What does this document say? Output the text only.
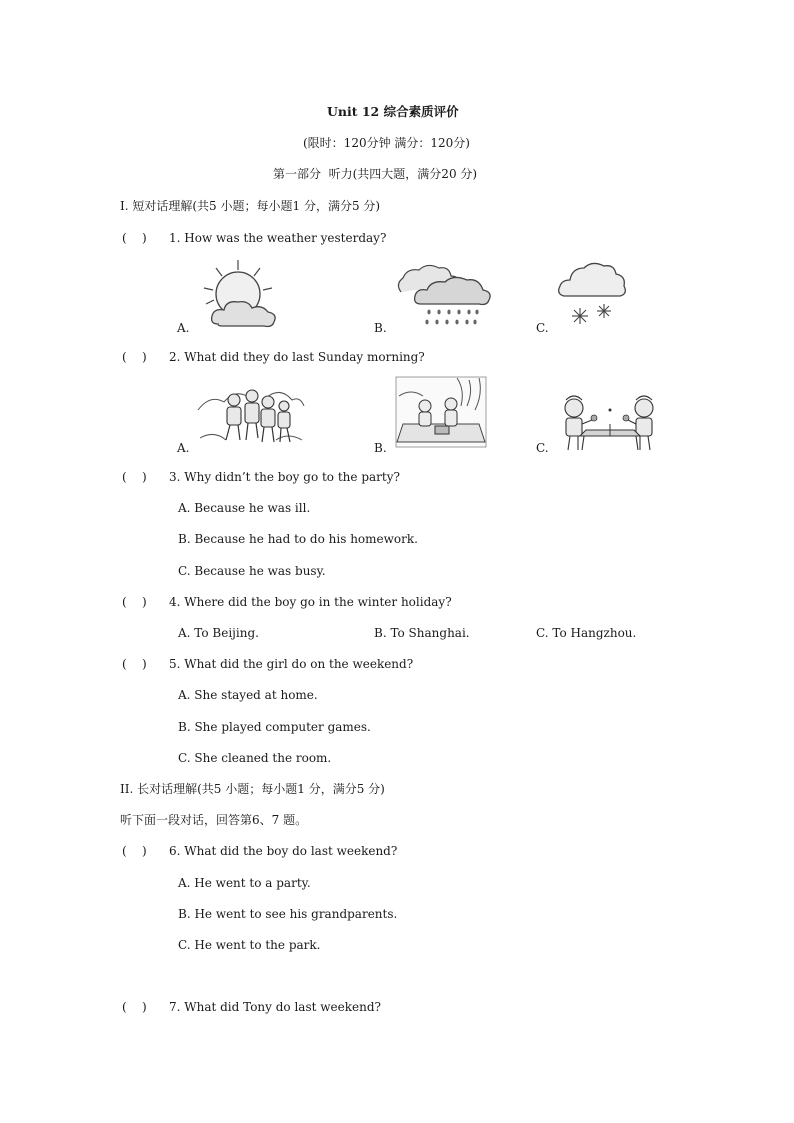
Unit 12 综合素质评价
(限时：120分钟 满分：120分)
第一部分  听力(共四大题，满分20 分)
I. 短对话理解(共5 小题；每小题1 分，满分5 分)
(    ) 1. How was the weather yesterday?
A.	B.	C.
(    ) 2. What did they do last Sunday morning?
A.	B.	C.
(    ) 3. Why didn’t the boy go to the party?
A. Because he was ill.
B. Because he had to do his homework.
C. Because he was busy.
(    ) 4. Where did the boy go in the winter holiday?
A. To Beijing.	B. To Shanghai.	C. To Hangzhou.
(    ) 5. What did the girl do on the weekend?
A. She stayed at home.
B. She played computer games.
C. She cleaned the room.
II. 长对话理解(共5 小题；每小题1 分，满分5 分)
听下面一段对话，回答第6、7 题。
(    ) 6. What did the boy do last weekend?
A. He went to a party.
B. He went to see his grandparents.
C. He went to the park.
(    ) 7. What did Tony do last weekend?
